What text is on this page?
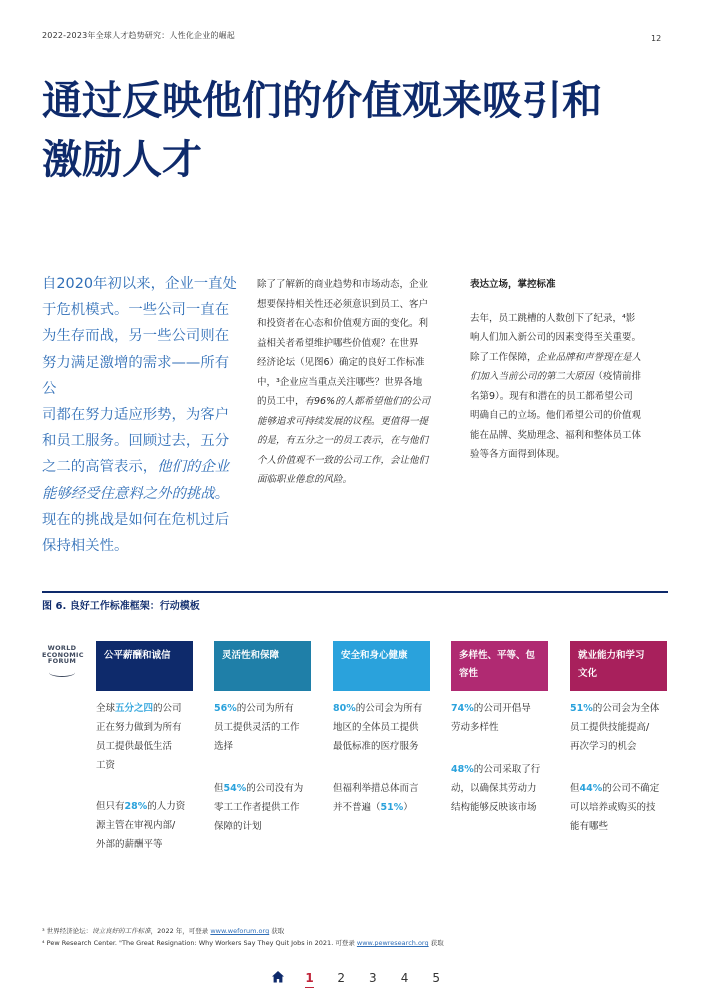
2022-2023年全球人才趋势研究：人性化企业的崛起	12
通过反映他们的价值观来吸引和
激励人才
自2020年初以来，企业一直处
于危机模式。一些公司一直在
为生存而战，另一些公司则在
努力满足激增的需求——所有公
司都在努力适应形势，为客户
和员工服务。回顾过去，五分
之二的高管表示，他们的企业
能够经受住意料之外的挑战。
现在的挑战是如何在危机过后
保持相关性。
除了了解新的商业趋势和市场动态，企业
想要保持相关性还必须意识到员工、客户
和投资者在心态和价值观方面的变化。利
益相关者希望维护哪些价值观？在世界
经济论坛（见图6）确定的良好工作标准
中，³企业应当重点关注哪些？世界各地
的员工中，有96%的人都希望他们的公司
能够追求可持续发展的议程。更值得一提
的是，有五分之一的员工表示，在与他们
个人价值观不一致的公司工作，会让他们
面临职业倦怠的风险。
表达立场，掌控标准
去年，员工跳槽的人数创下了纪录，⁴影
响人们加入新公司的因素变得至关重要。
除了工作保障，企业品牌和声誉现在是人
们加入当前公司的第二大原因（疫情前排
名第9）。现有和潜在的员工都希望公司
明确自己的立场。他们希望公司的价值观
能在品牌、奖励理念、福利和整体员工体
验等各方面得到体现。
图 6. 良好工作标准框架：行动模板
WORLD
ECONOMIC
FORUM	公平薪酬和诚信	灵活性和保障	安全和身心健康	多样性、平等、包
容性
就业能力和学习
文化
全球五分之四的公司
正在努力做到为所有
员工提供最低生活
工资
但只有28%的人力资
源主管在审视内部/
外部的薪酬平等
56%的公司为所有
员工提供灵活的工作
选择
但54%的公司没有为
零工工作者提供工作
保障的计划
80%的公司会为所有
地区的全体员工提供
最低标准的医疗服务
但福利举措总体而言
并不普遍（51%）
74%的公司开倡导
劳动多样性
48%的公司采取了行
动，以确保其劳动力
结构能够反映该市场
51%的公司会为全体
员工提供技能提高/
再次学习的机会
但44%的公司不确定
可以培养或购买的技
能有哪些
³ 世界经济论坛：设立良好的工作标准，2022 年，可登录 www.weforum.org 获取
⁴ Pew Research Center. "The Great Resignation: Why Workers Say They Quit Jobs in 2021. 可登录 www.pewresearch.org 获取
1	2	3	4	5
